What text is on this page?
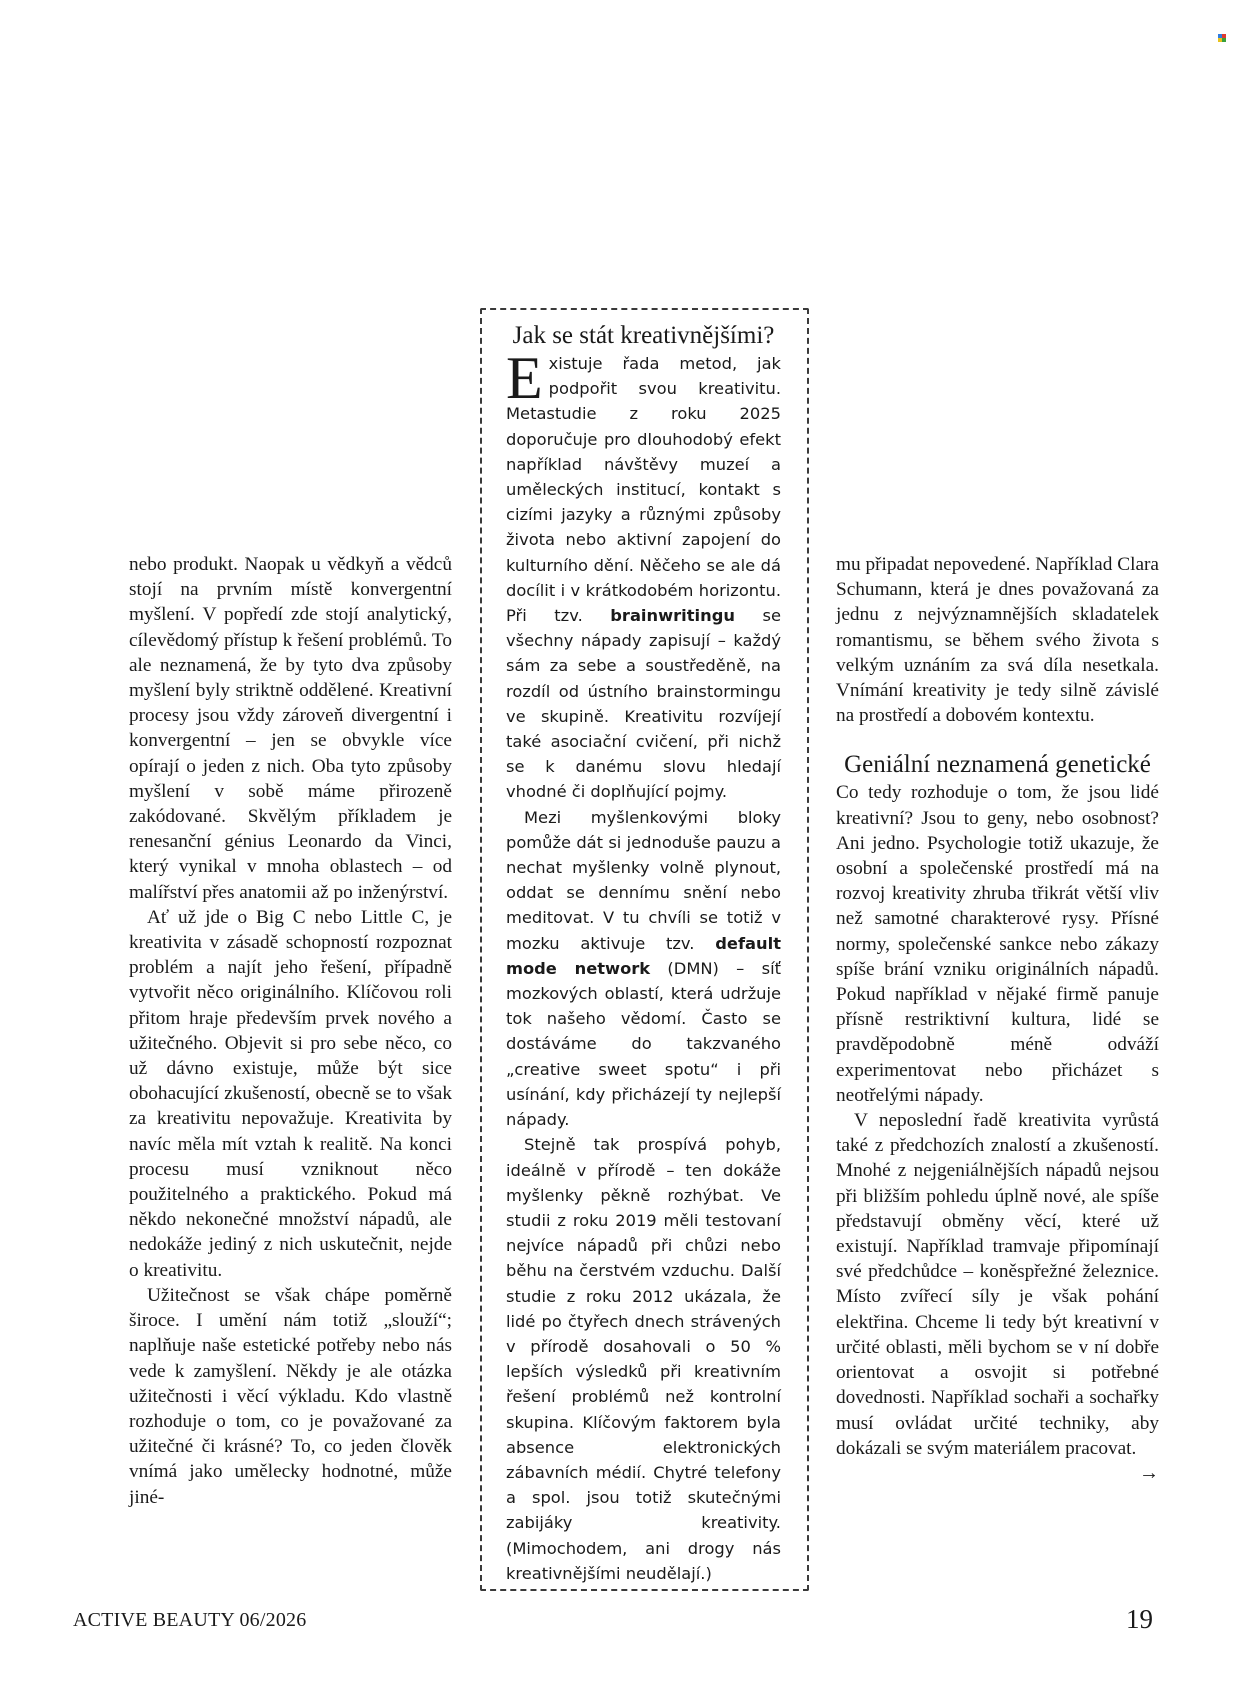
nebo produkt. Naopak u vědkyň a vědců stojí na prvním místě konvergentní myšlení. V popředí zde stojí analytický, cílevědomý přístup k řešení problémů. To ale neznamená, že by tyto dva způsoby myšlení byly striktně oddělené. Kreativní procesy jsou vždy zároveň divergentní i konvergentní – jen se obvykle více opírají o jeden z nich. Oba tyto způsoby myšlení v sobě máme přirozeně zakódované. Skvělým příkladem je renesanční génius Leonardo da Vinci, který vynikal v mnoha oblastech – od malířství přes anatomii až po inženýrství.

Ať už jde o Big C nebo Little C, je kreativita v zásadě schopností rozpoznat problém a najít jeho řešení, případně vytvořit něco originálního. Klíčovou roli přitom hraje především prvek nového a užitečného. Objevit si pro sebe něco, co už dávno existuje, může být sice obohacující zkušeností, obecně se to však za kreativitu nepovažuje. Kreativita by navíc měla mít vztah k realitě. Na konci procesu musí vzniknout něco použitelného a praktického. Pokud má někdo nekonečné množství nápadů, ale nedokáže jediný z nich uskutečnit, nejde o kreativitu.

Užitečnost se však chápe poměrně široce. I umění nám totiž „slouží“; naplňuje naše estetické potřeby nebo nás vede k zamyšlení. Někdy je ale otázka užitečnosti i věcí výkladu. Kdo vlastně rozhoduje o tom, co je považované za užitečné či krásné? To, co jeden člověk vnímá jako umělecky hodnotné, může jiné-

Jak se stát kreativnějšími?

Existuje řada metod, jak podpořit svou kreativitu. Metastudie z roku 2025 doporučuje pro dlouhodobý efekt například návštěvy muzeí a uměleckých institucí, kontakt s cizími jazyky a různými způsoby života nebo aktivní zapojení do kulturního dění. Něčeho se ale dá docílit i v krátkodobém horizontu. Při tzv. brainwritingu se všechny nápady zapisují – každý sám za sebe a soustředěně, na rozdíl od ústního brainstormingu ve skupině. Kreativitu rozvíjejí také asociační cvičení, při nichž se k danému slovu hledají vhodné či doplňující pojmy.

Mezi myšlenkovými bloky pomůže dát si jednoduše pauzu a nechat myšlenky volně plynout, oddat se dennímu snění nebo meditovat. V tu chvíli se totiž v mozku aktivuje tzv. default mode network (DMN) – síť mozkových oblastí, která udržuje tok našeho vědomí. Často se dostáváme do takzvaného „creative sweet spotu“ i při usínání, kdy přicházejí ty nejlepší nápady.

Stejně tak prospívá pohyb, ideálně v přírodě – ten dokáže myšlenky pěkně rozhýbat. Ve studii z roku 2019 měli testovaní nejvíce nápadů při chůzi nebo běhu na čerstvém vzduchu. Další studie z roku 2012 ukázala, že lidé po čtyřech dnech strávených v přírodě dosahovali o 50 % lepších výsledků při kreativním řešení problémů než kontrolní skupina. Klíčovým faktorem byla absence elektronických zábavních médií. Chytré telefony a spol. jsou totiž skutečnými zabijáky kreativity. (Mimochodem, ani drogy nás kreativnějšími neudělají.)

mu připadat nepovedené. Například Clara Schumann, která je dnes považovaná za jednu z nejvýznamnějších skladatelek romantismu, se během svého života s velkým uznáním za svá díla nesetkala. Vnímání kreativity je tedy silně závislé na prostředí a dobovém kontextu.

Geniální neznamená genetické

Co tedy rozhoduje o tom, že jsou lidé kreativní? Jsou to geny, nebo osobnost? Ani jedno. Psychologie totiž ukazuje, že osobní a společenské prostředí má na rozvoj kreativity zhruba třikrát větší vliv než samotné charakterové rysy. Přísné normy, společenské sankce nebo zákazy spíše brání vzniku originálních nápadů. Pokud například v nějaké firmě panuje přísně restriktivní kultura, lidé se pravděpodobně méně odváží experimentovat nebo přicházet s neotřelými nápady.

V neposlední řadě kreativita vyrůstá také z předchozích znalostí a zkušeností. Mnohé z nejgeniálnějších nápadů nejsou při bližším pohledu úplně nové, ale spíše představují obměny věcí, které už existují. Například tramvaje připomínají své předchůdce – koněspřežné železnice. Místo zvířecí síly je však pohání elektřina. Chceme li tedy být kreativní v určité oblasti, měli bychom se v ní dobře orientovat a osvojit si potřebné dovednosti. Například sochaři a sochařky musí ovládat určité techniky, aby dokázali se svým materiálem pracovat.
→

ACTIVE BEAUTY 06/2026	19
